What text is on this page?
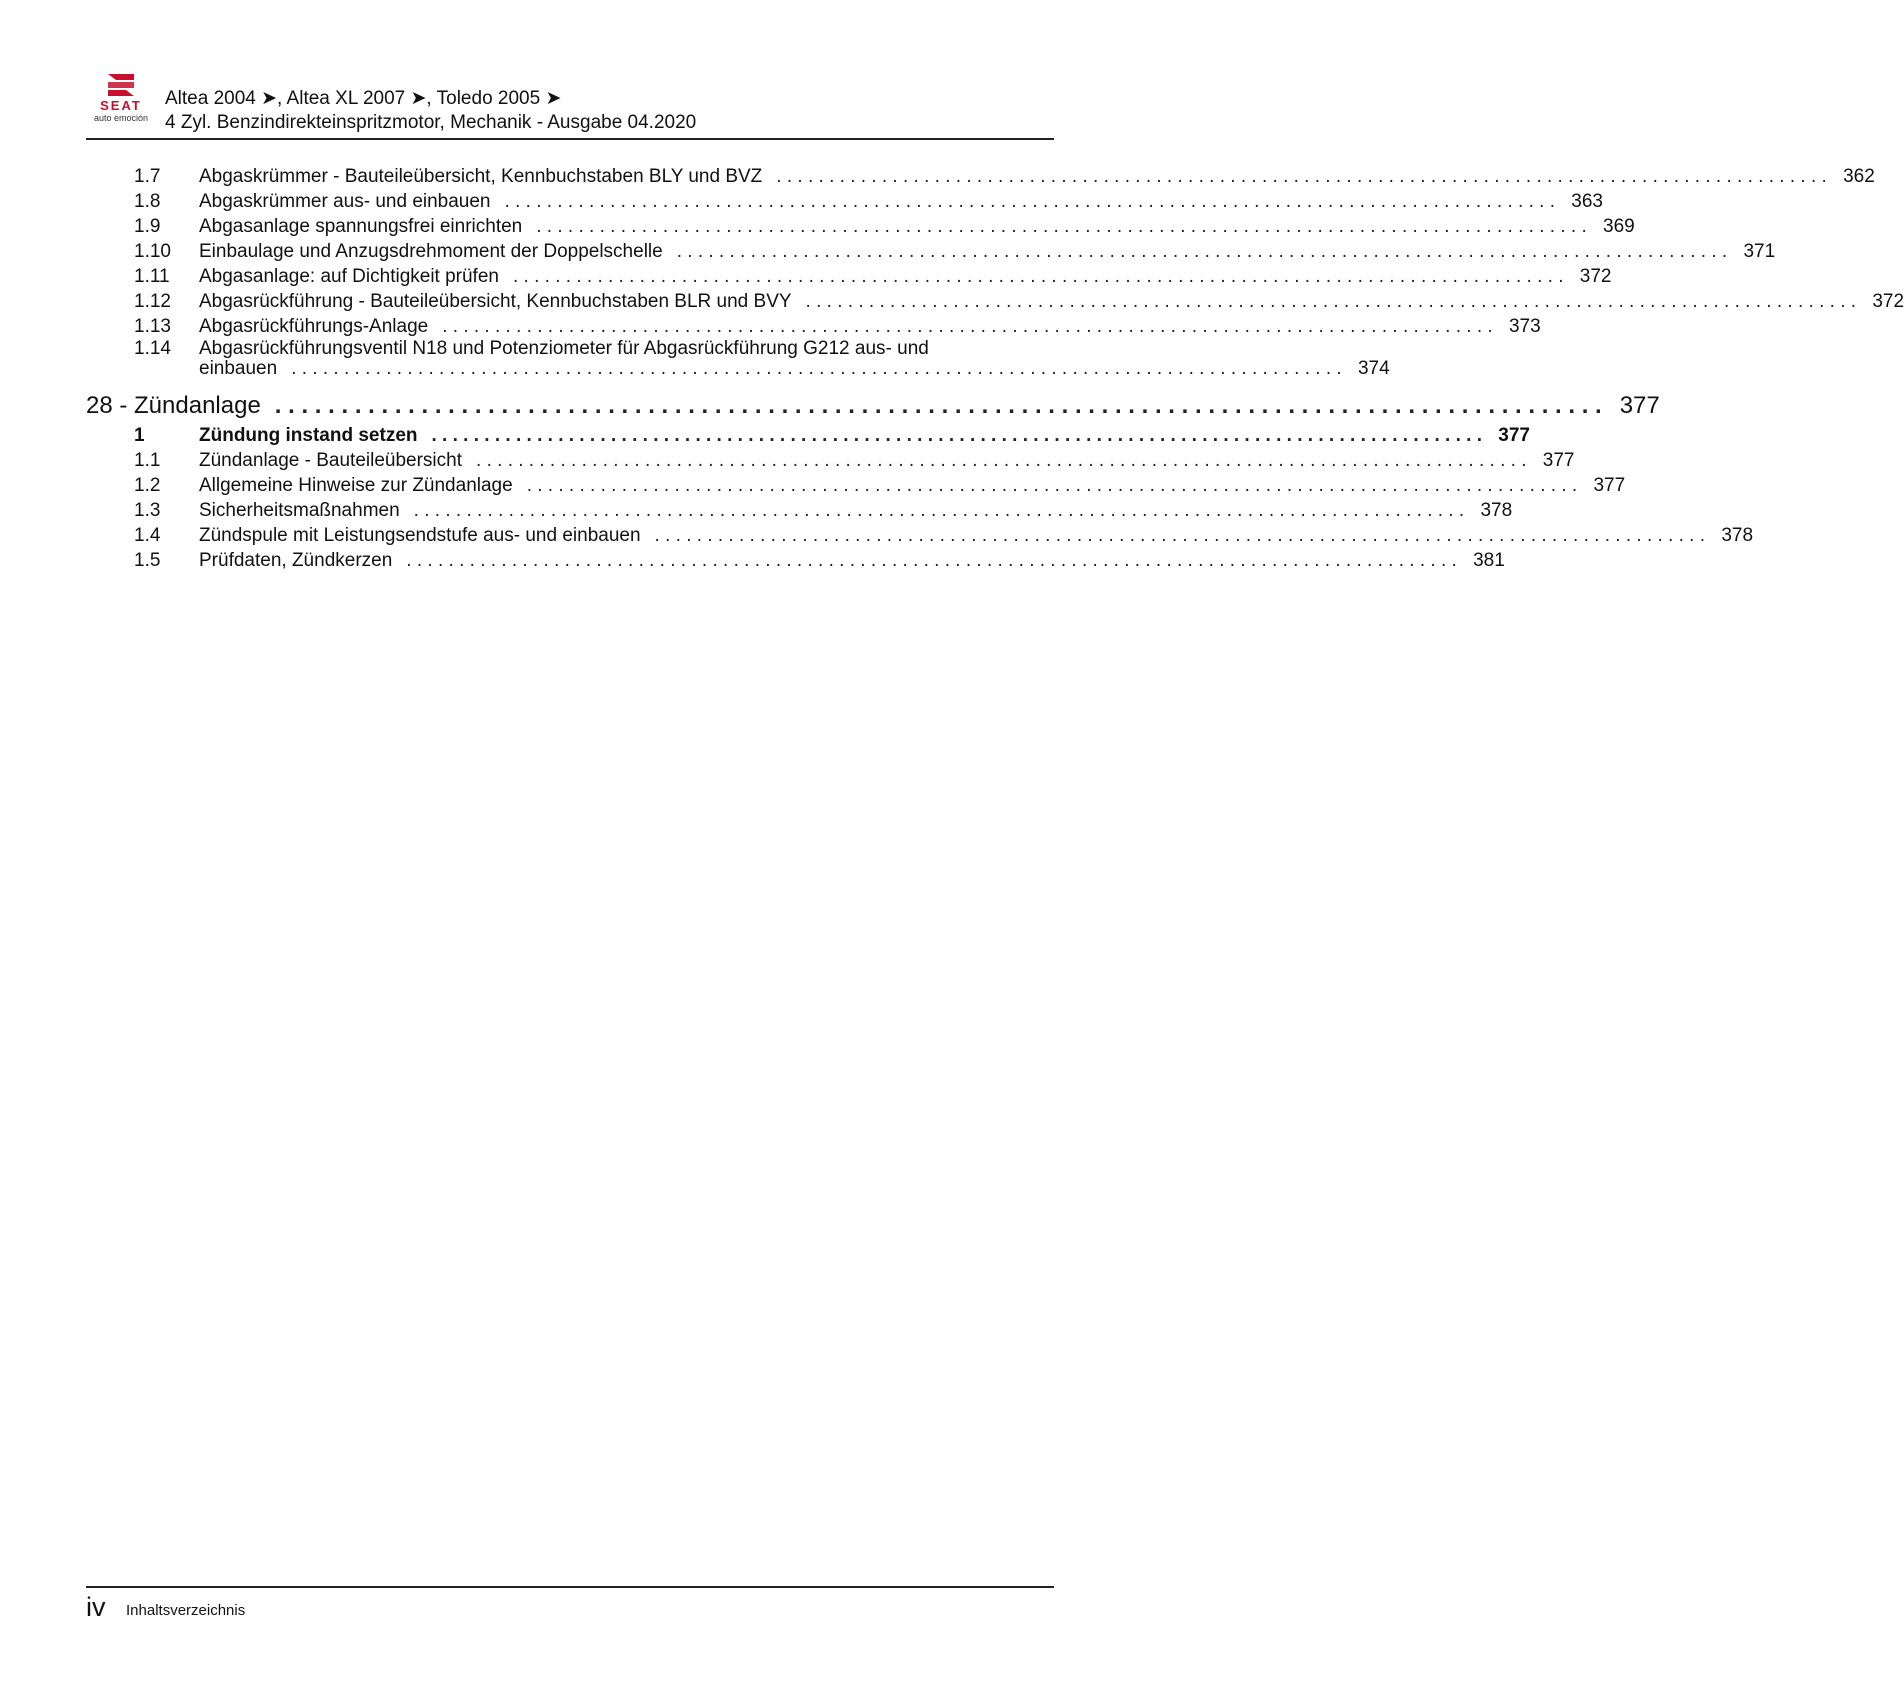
SEAT
auto emoción
Altea 2004 ➤, Altea XL 2007 ➤, Toledo 2005 ➤
4 Zyl. Benzindirekteinspritzmotor, Mechanik - Ausgabe 04.2020
1.7 Abgaskrümmer - Bauteileübersicht, Kennbuchstaben BLY und BVZ . . .	362
1.8 Abgaskrümmer aus- und einbauen . . .	363
1.9 Abgasanlage spannungsfrei einrichten . . .	369
1.10 Einbaulage und Anzugsdrehmoment der Doppelschelle . . .	371
1.11 Abgasanlage: auf Dichtigkeit prüfen . . .	372
1.12 Abgasrückführung - Bauteileübersicht, Kennbuchstaben BLR und BVY . . .	372
1.13 Abgasrückführungs-Anlage . . .	373
1.14 Abgasrückführungsventil N18 und Potenziometer für Abgasrückführung G212 aus- und
einbauen . . .	374
28 - Zündanlage . . .	377
1	Zündung instand setzen . . .	377
1.1 Zündanlage - Bauteileübersicht . . .	377
1.2 Allgemeine Hinweise zur Zündanlage . . .	377
1.3 Sicherheitsmaßnahmen . . .	378
1.4 Zündspule mit Leistungsendstufe aus- und einbauen . . .	378
1.5 Prüfdaten, Zündkerzen . . .	381
iv Inhaltsverzeichnis
